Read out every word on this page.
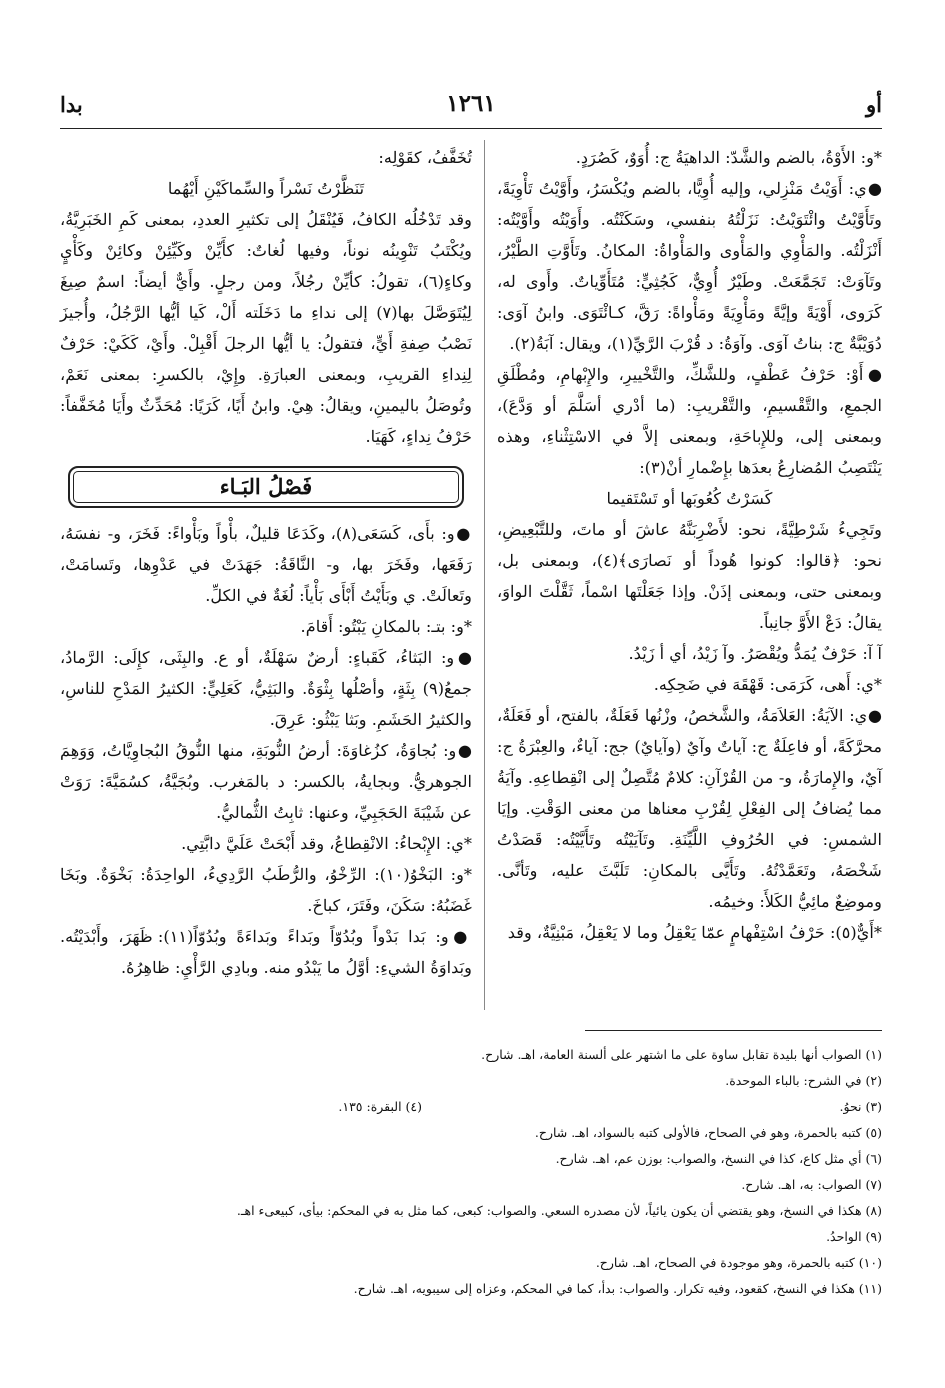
أو
١٢٦١
بدا

*و: الأَوْةُ، بالضم والشَّدّ: الداهيَةُ ج: أُوَوٌ، كَصُرَدٍ.

●ي: أَوَيْتُ مَنْزِلي، وإليه أُوِيًّا، بالضم ويُكْسَرُ، وأَوَّيْتُ تَأْوِيَةً، وتَأَوَّيْتُ وائْتَوَيْتُ: نَزَلْتُهُ بنفسي، وسَكَنْتُه. وأَوَيْتُه وأَوَّيْتُه: أَنْزَلْتُه. والمَأْوِي والمَأْوى والمَأْواةُ: المكانُ. وتَأَوَّتِ الطَّيْرُ، وتَآوَتْ: تَجَمَّعَتْ. وطَيْرٌ أُوِيٌّ، كَجُثِيٍّ: مُتَأَوِّياتٌ. وأَوى له، كَرَوى، أَوْيَةً وإيَّةً ومَأْوِيَةً ومَأْواةً: رَقَّ، كـائْتَوَى. وابنُ آوَى: دُوَيْبَّةٌ ج: بناتُ آوَى. وآوَةُ: د قُرْبَ الرَّيِّ(١)، ويقال: آبَةُ(٢).

●أَوْ: حَرْفُ عَطْفٍ، وللشَّكِّ، والتَّخْييرِ، والإِبْهامِ، ومُطْلَقِ الجمعِ، والتَّقْسيمِ، والتَّقْريبِ: (ما أدْري أسَلَّمَ أو وَدَّعَ)، وبمعنى إلى، وللإِباحَةِ، وبمعنى إلاَّ في الاسْتِثْناءِ، وهذه يَنْتَصِبُ المُضارِعُ بعدَها بإِضْمارِ أنْ(٣):

كَسَرْتُ كُعُوبَها أو تَسْتَقيما

وتَجِيءُ شَرْطِيَّةً، نحو: لأَضْرِبَنَّهُ عاشَ أو ماتَ، وللتَّبْعِيضِ، نحو: ﴿قالوا: كونوا هُوداً أو نَصارَى﴾(٤)، وبمعنى بل، وبمعنى حتى، وبمعنى إذَنْ. وإذا جَعَلْتَها اسْماً، ثَقَّلْتَ الواوَ، يقالُ: دَعْ الأَوَّ جانِباً.

آ آ: حَرْفٌ يُمَدُّ ويُقْصَرُ. وآ زَيْدُ، أي أ زَيْدُ.

*ي: أَهى، كَرَمَى: قَهْقَهَ في ضَحِكِه.

●ي: الآيَةُ: العَلاَمَةُ، والشَّخصُ، وزْنُها فَعَلَةٌ، بالفتح، أو فَعَلَةٌ، محرَّكَةً، أو فاعِلَةٌ ج: آياتٌ وآيٌ (وآيايٌ) جج: آياءٌ، والعِبْرَةُ ج: آيٌ، والإِمارَةُ، و- من القُرْآنِ: كلامٌ مُتَّصِلٌ إلى انْقِطاعِهِ. وآيَةُ مما يُضافُ إلى الفِعْلِ لِقُرْبِ معناها من معنى الوَقْتِ. وإيَا الشمسِ: في الحُرُوفِ اللَّيِّنَةِ. وتَآيَيْتُه وتَأَيَّيْتُه: قَصَدْتُ شَخْصَهُ، وتَعَمَّدْتُهُ. وتَأَيَّى بالمكانِ: تَلَبَّثَ عليه، وتَأنَّى. وموضِعٌ مائِيُّ الكَلأَ: وخيمُه.

*أَيٌّ(٥): حَرْفُ اسْتِفْهامٍ عمّا يَعْقِلُ وما لا يَعْقِلُ، مَبْنِيَّةٌ، وقد

تُخَفَّفُ، كقَوْلِه:

تَنَظَّرْتُ نَسْراً والسِّماكَيْنِ أَيْهُما

وقد تَدْخُلُه الكافُ، فَيُنْقَلُ إلى تكثيرِ العددِ، بمعنى كَمِ الخَبَرِيَّةُ، ويُكْتَبُ تَنْوِينُه نوناً، وفيها لُغاتٌ: كأَيِّنْ وكَيِّئِنْ وكائِنْ وكَأْيٍ وكاءٍ(٦)، تقولُ: كأيِّنْ رجُلاً، ومن رجلٍ. وأَيٌّ أيضاً: اسمٌ صِيغَ لِيُتَوَصَّلَ بها(٧) إلى نداءِ ما دَخَلَته أَلْ، كَيا أيُّها الرَّجُلُ، وأُجيزَ نَصْبُ صِفةِ أَيٍّ، فتقولُ: يا أيُّها الرجلَ أَقْبِلْ. وأَيْ، كَكَيْ: حَرْفٌ لِنِداءِ القريبِ، وبمعنى العبارَةِ. وإِيْ، بالكسرِ: بمعنى نَعَمْ، وتُوصَلُ باليمينِ، ويقالُ: هِيْ. وابنُ أَيًا، كَرَيًا: مُحَدِّثٌ وأَيَا مُخَفَّفاً: حَرْفُ نِداءٍ، كَهَيَا.

فَصْلُ البَـاء

●و: بأَى، كَسَعَى(٨)، وكَدَعَا قليلٌ، بأْواً وبَأْواءً: فَخَرَ، و- نفسَهُ، رَفَعَها، وفَخَرَ بها، و- النَّاقَةُ: جَهَدَتْ في عَدْوِها، وتَسامَتْ، وتَعالَتْ. ي وبَأَيْتُ أَبْأَى بَأْياً: لُغَةٌ في الكلِّ.

*و: بتـ: بالمكانِ يَبْتُو: أَقامَ.

●و: البَثاءُ، كَقَباءٍ: أرضٌ سَهْلَةٌ، أو ع. والبِثَى، كإِلَى: الرَّمادُ، جمعُ(٩) بِثَةٍ، وأصْلُها بِثْوَةٌ. والبَثِيُّ، كَعَلِيٍّ: الكثيرُ المَدْحِ للناسِ، والكثيرُ الحَشَمِ. وبَثا يَبْثُو: عَرِقَ.

●و: بُجاوَةُ، كزُغاوَةَ: أرضُ النُّوبَةِ، منها النُّوقُ البُجاوِيَّاتُ، وَوَهِمَ الجوهريُّ. وبجايةُ، بالكسر: د بالمَغرب. وبُجَيَّةُ، كسُمَيَّةَ: رَوَتْ عن شَيْبَةَ الحَجَبِيِّ، وعنها: ثابِتُ الثُّماليُّ.

*ي: الإِبْحاءُ: الانْقِطاعُ، وقد أَبْحَتْ عَلَيَّ دابَّتِي.

*و: البَخْوُ(١٠): الرِّخْوُ، والرُّطَبُ الرَّدِيءُ، الواحِدَةُ: بَخْوَةٌ. وبَخَا غَضَبُهُ: سَكَنَ، وفَتَرَ، كباخَ.

●و: بَدا بَدْواً وبُدُوّاً وبَداءً وبَداءَةً وبُدُوّاً(١١): ظَهَرَ، وأَبْدَيْتُه. وبَداوَةُ الشيءِ: أوَّلُ ما يَبْدُو منه. وبادِي الرَّأْيِ: ظاهِرُهُ.

(١) الصواب أنها بليدة تقابل ساوة على ما اشتهر على ألسنة العامة، اهـ. شارح.
(٢) في الشرح: بالباء الموحدة.
(٣) نحوُ.
(٤) البقرة: ١٣٥.
(٥) كتبه بالحمرة، وهو في الصحاح، فالأولى كتبه بالسواد، اهـ. شارح.
(٦) أي مثل كاع، كذا في النسخ، والصواب: بوزن عم، اهـ. شارح.
(٧) الصواب: به، اهـ. شارح.
(٨) هكذا في النسخ، وهو يقتضي أن يكون يائياً، لأن مصدره السعي. والصواب: كبعى، كما مثل به في المحكم: بيأى، كبيعىء اهـ.
(٩) الواحدُ.
(١٠) كتبه بالحمرة، وهو موجودة في الصحاح، اهـ. شارح.
(١١) هكذا في النسخ، كقعود، وفيه تكرار. والصواب: بدأ، كما في المحكم، وعزاه إلى سيبويه، اهـ. شارح.
